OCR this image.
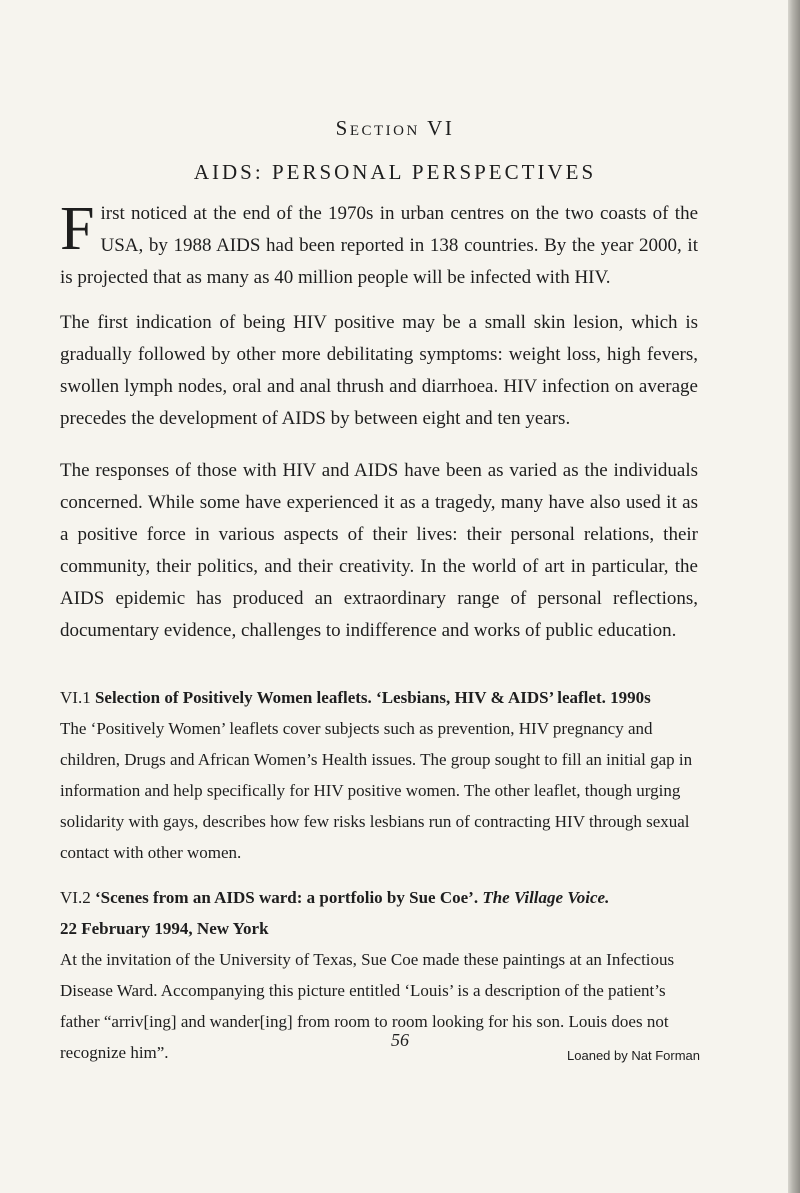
Section VI
AIDS: PERSONAL PERSPECTIVES

First noticed at the end of the 1970s in urban centres on the two coasts of the USA, by 1988 AIDS had been reported in 138 countries. By the year 2000, it is projected that as many as 40 million people will be infected with HIV.

The first indication of being HIV positive may be a small skin lesion, which is gradually followed by other more debilitating symptoms: weight loss, high fevers, swollen lymph nodes, oral and anal thrush and diarrhoea. HIV infection on average precedes the development of AIDS by between eight and ten years.

The responses of those with HIV and AIDS have been as varied as the individuals concerned. While some have experienced it as a tragedy, many have also used it as a positive force in various aspects of their lives: their personal relations, their community, their politics, and their creativity. In the world of art in particular, the AIDS epidemic has produced an extraordinary range of personal reflections, documentary evidence, challenges to indifference and works of public education.

VI.1 Selection of Positively Women leaflets. ‘Lesbians, HIV & AIDS’ leaflet. 1990s
The ‘Positively Women’ leaflets cover subjects such as prevention, HIV pregnancy and children, Drugs and African Women’s Health issues. The group sought to fill an initial gap in information and help specifically for HIV positive women. The other leaflet, though urging solidarity with gays, describes how few risks lesbians run of contracting HIV through sexual contact with other women.

VI.2 ‘Scenes from an AIDS ward: a portfolio by Sue Coe’. The Village Voice.
22 February 1994, New York
At the invitation of the University of Texas, Sue Coe made these paintings at an Infectious Disease Ward. Accompanying this picture entitled ‘Louis’ is a description of the patient’s father “arriv[ing] and wander[ing] from room to room looking for his son. Louis does not recognize him”.	Loaned by Nat Forman

56
